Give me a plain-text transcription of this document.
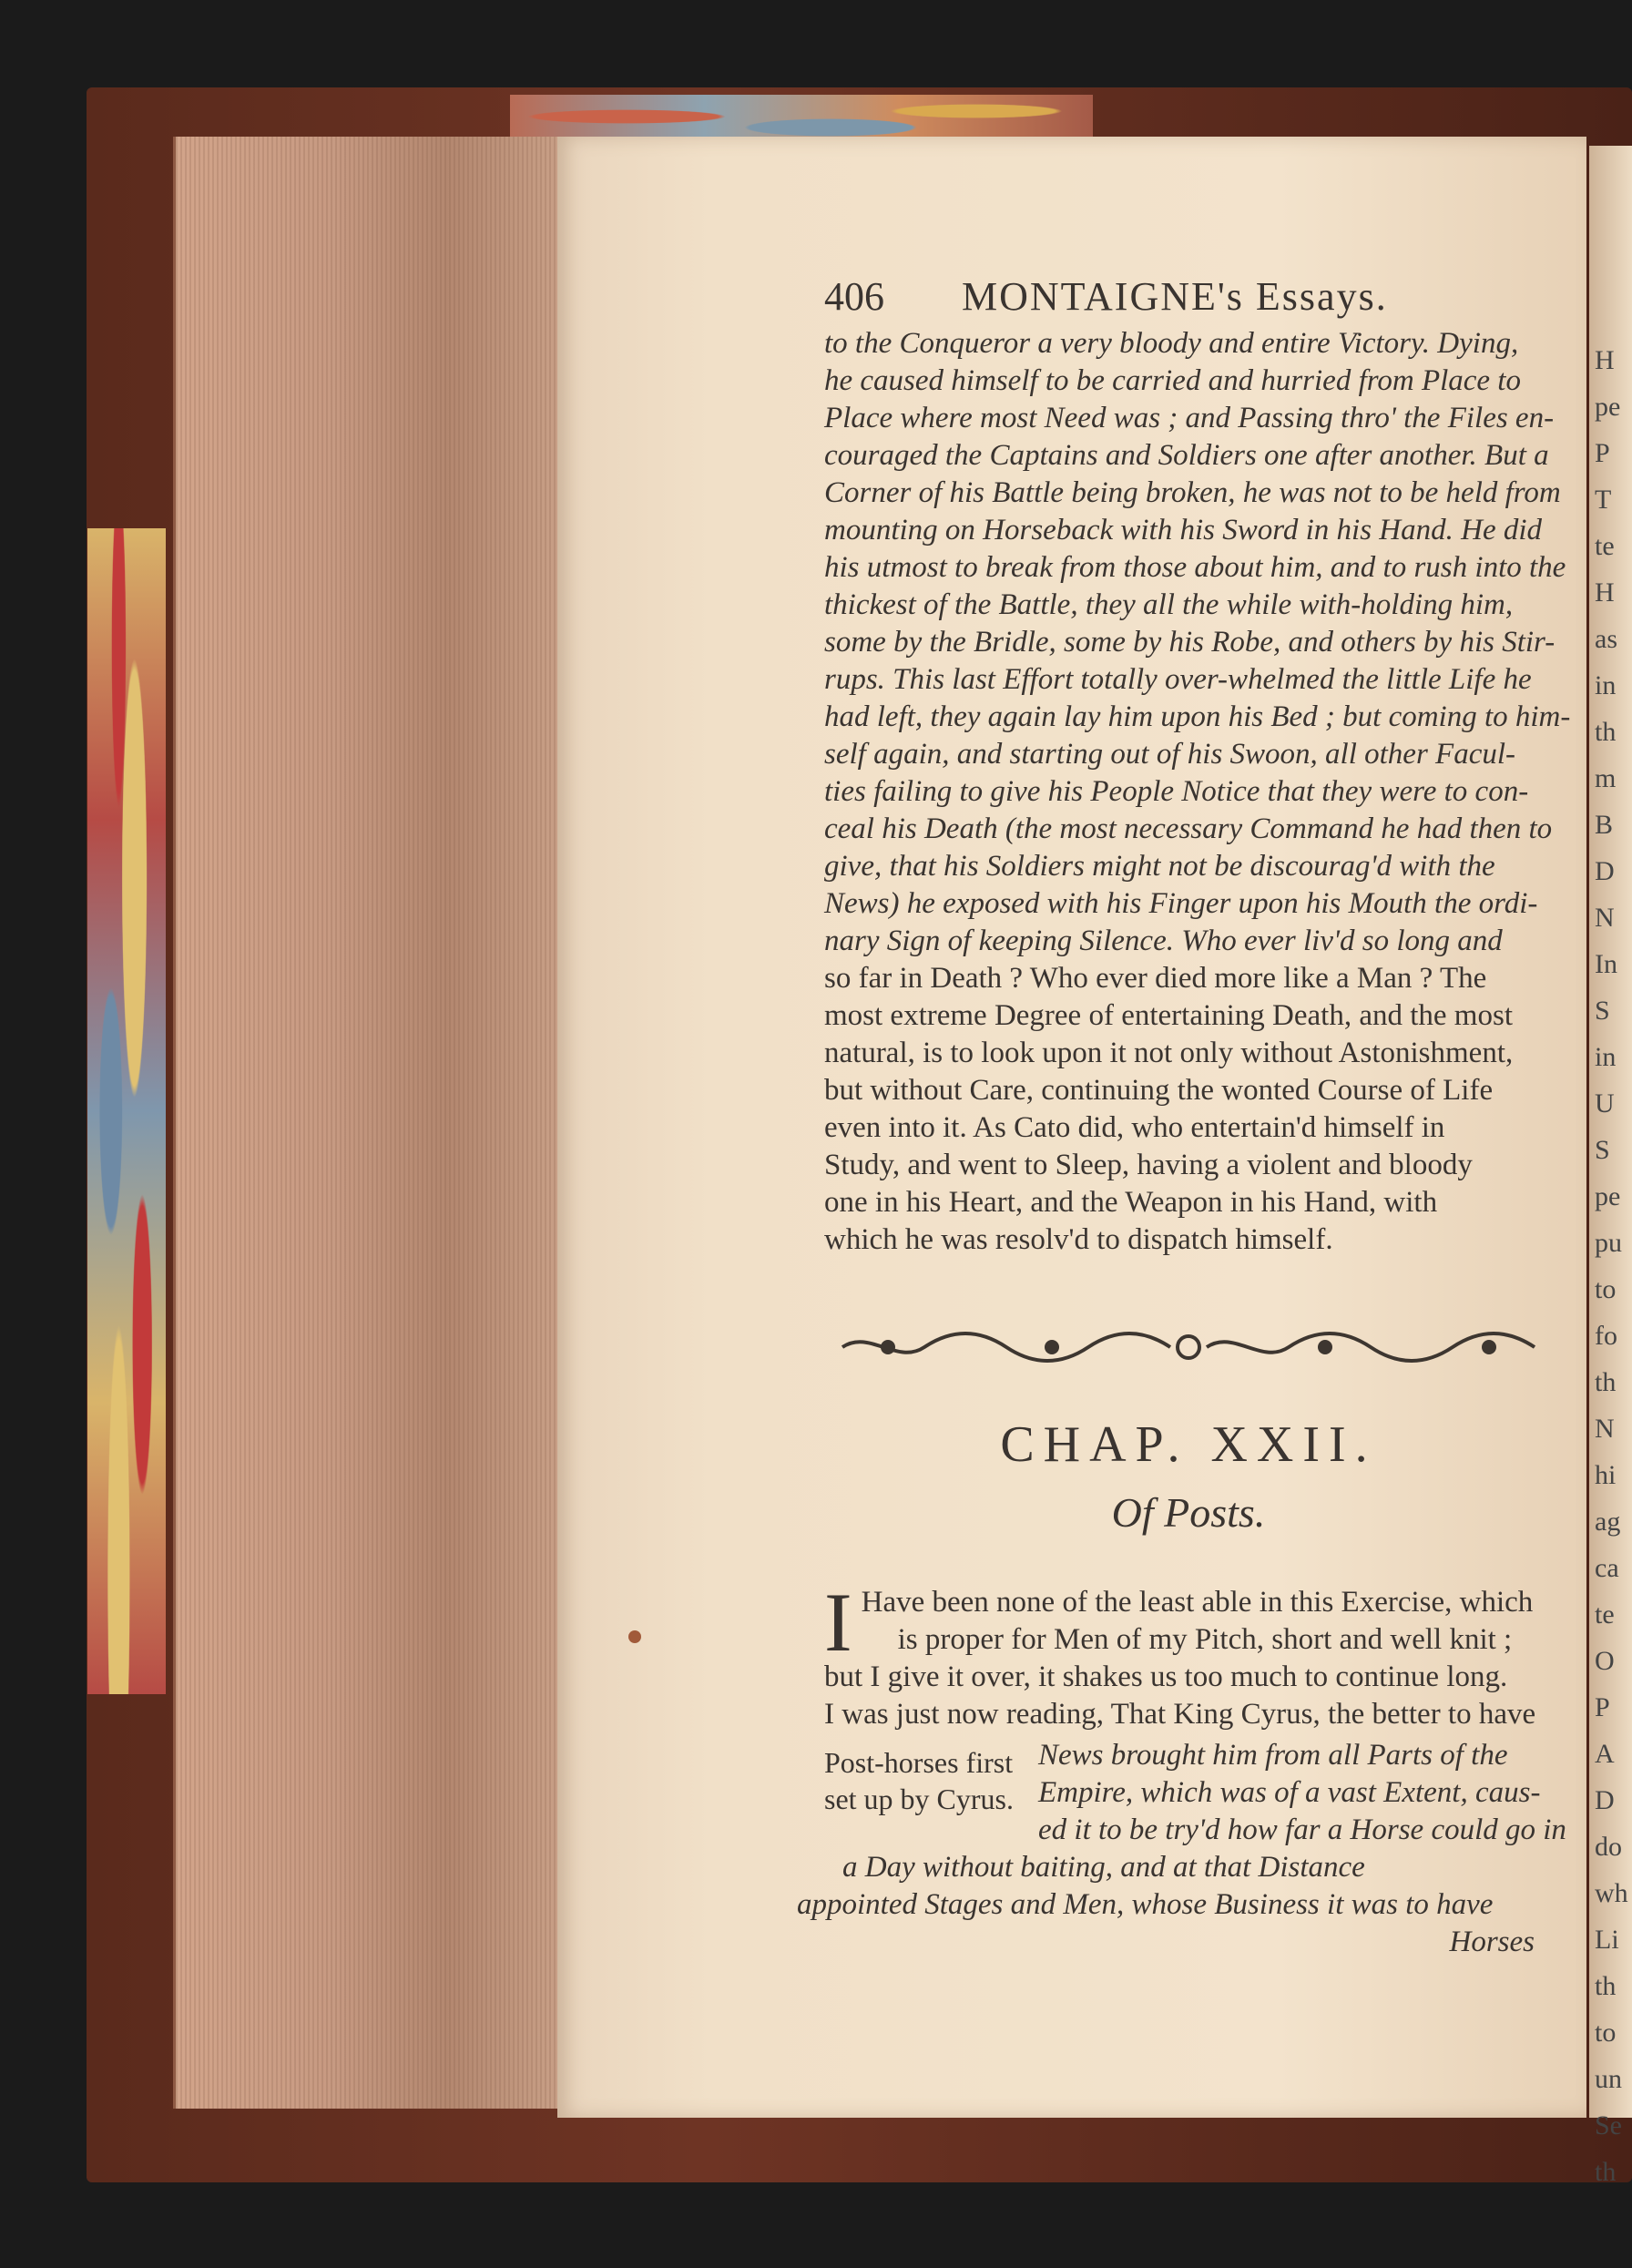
H
pe
P
T
te
H
as
in
th
m
B
D
N
In
S
in
U
S
pe
pu
to
fo
th
N
hi
ag
ca
te
O
P
A
D
do
wh
Li
th
to
un
Se
th
406 MONTAIGNE's Essays.
to the Conqueror a very bloody and entire Victory. Dying,
he caused himself to be carried and hurried from Place to
Place where most Need was ; and Passing thro' the Files en-
couraged the Captains and Soldiers one after another. But a
Corner of his Battle being broken, he was not to be held from
mounting on Horseback with his Sword in his Hand. He did
his utmost to break from those about him, and to rush into the
thickest of the Battle, they all the while with-holding him,
some by the Bridle, some by his Robe, and others by his Stir-
rups. This last Effort totally over-whelmed the little Life he
had left, they again lay him upon his Bed ; but coming to him-
self again, and starting out of his Swoon, all other Facul-
ties failing to give his People Notice that they were to con-
ceal his Death (the most necessary Command he had then to
give, that his Soldiers might not be discourag'd with the
News) he exposed with his Finger upon his Mouth the ordi-
nary Sign of keeping Silence. Who ever liv'd so long and
so far in Death ? Who ever died more like a Man ? The
most extreme Degree of entertaining Death, and the most
natural, is to look upon it not only without Astonishment,
but without Care, continuing the wonted Course of Life
even into it. As Cato did, who entertain'd himself in
Study, and went to Sleep, having a violent and bloody
one in his Heart, and the Weapon in his Hand, with
which he was resolv'd to dispatch himself.
CHAP. XXII.
Of Posts.
I Have been none of the least able in this Exercise, which
is proper for Men of my Pitch, short and well knit ;
but I give it over, it shakes us too much to continue long.
I was just now reading, That King Cyrus, the better to have
Post-horses first set up by Cyrus.
News brought him from all Parts of the
Empire, which was of a vast Extent, caus-
ed it to be try'd how far a Horse could go in
a Day without baiting, and at that Distance
appointed Stages and Men, whose Business it was to have
Horses
